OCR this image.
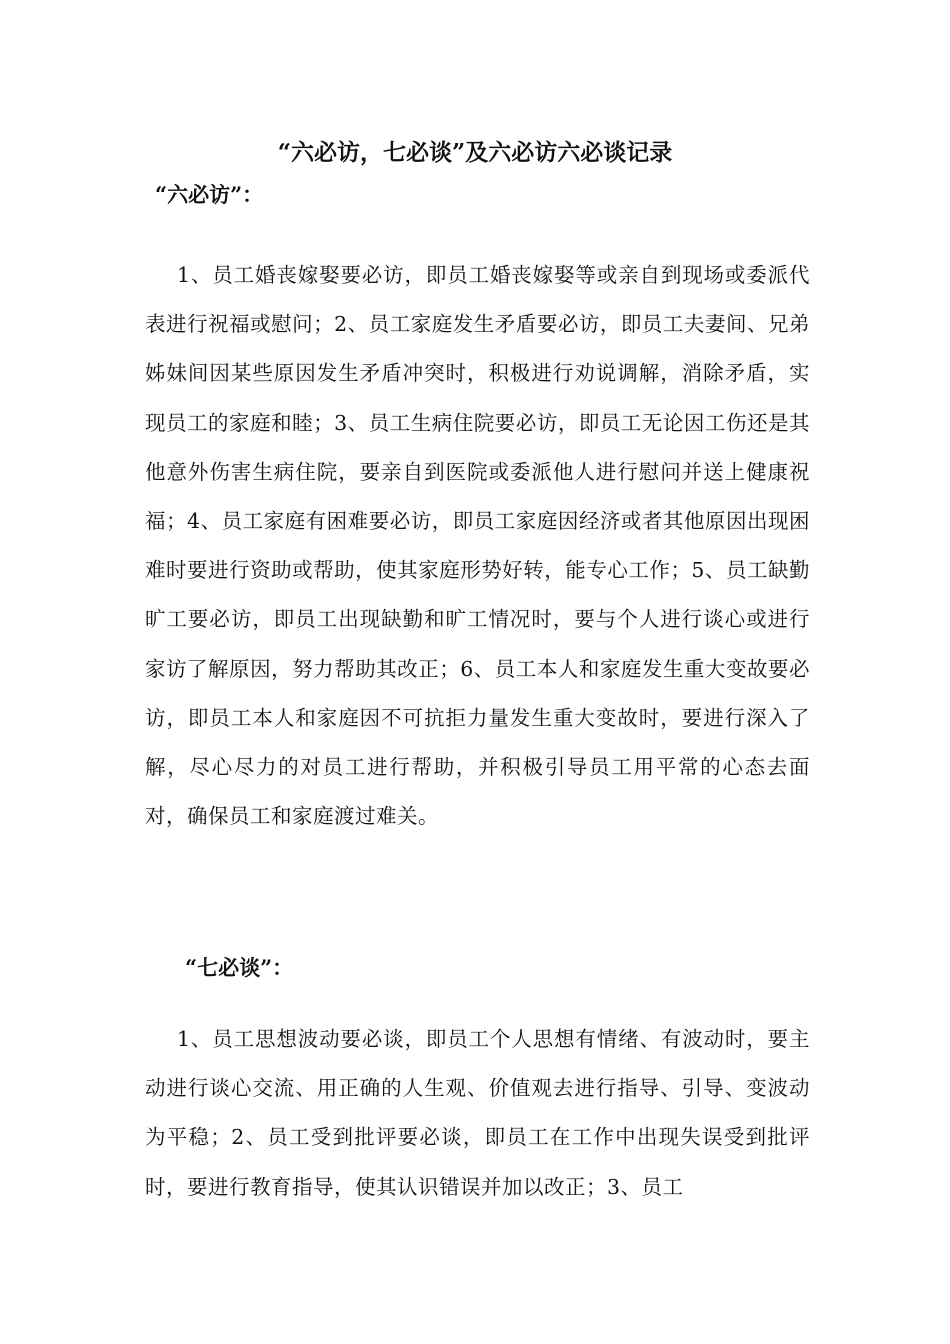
“六必访，七必谈”及六必访六必谈记录
“六必访”：

1、员工婚丧嫁娶要必访，即员工婚丧嫁娶等或亲自到现场或委派代表进行祝福或慰问；2、员工家庭发生矛盾要必访，即员工夫妻间、兄弟姊妹间因某些原因发生矛盾冲突时，积极进行劝说调解，消除矛盾，实现员工的家庭和睦；3、员工生病住院要必访，即员工无论因工伤还是其他意外伤害生病住院，要亲自到医院或委派他人进行慰问并送上健康祝福；4、员工家庭有困难要必访，即员工家庭因经济或者其他原因出现困难时要进行资助或帮助，使其家庭形势好转，能专心工作；5、员工缺勤旷工要必访，即员工出现缺勤和旷工情况时，要与个人进行谈心或进行家访了解原因，努力帮助其改正；6、员工本人和家庭发生重大变故要必访，即员工本人和家庭因不可抗拒力量发生重大变故时，要进行深入了解，尽心尽力的对员工进行帮助，并积极引导员工用平常的心态去面对，确保员工和家庭渡过难关。

“七必谈”：

1、员工思想波动要必谈，即员工个人思想有情绪、有波动时，要主动进行谈心交流、用正确的人生观、价值观去进行指导、引导、变波动为平稳；2、员工受到批评要必谈，即员工在工作中出现失误受到批评时，要进行教育指导，使其认识错误并加以改正；3、员工
